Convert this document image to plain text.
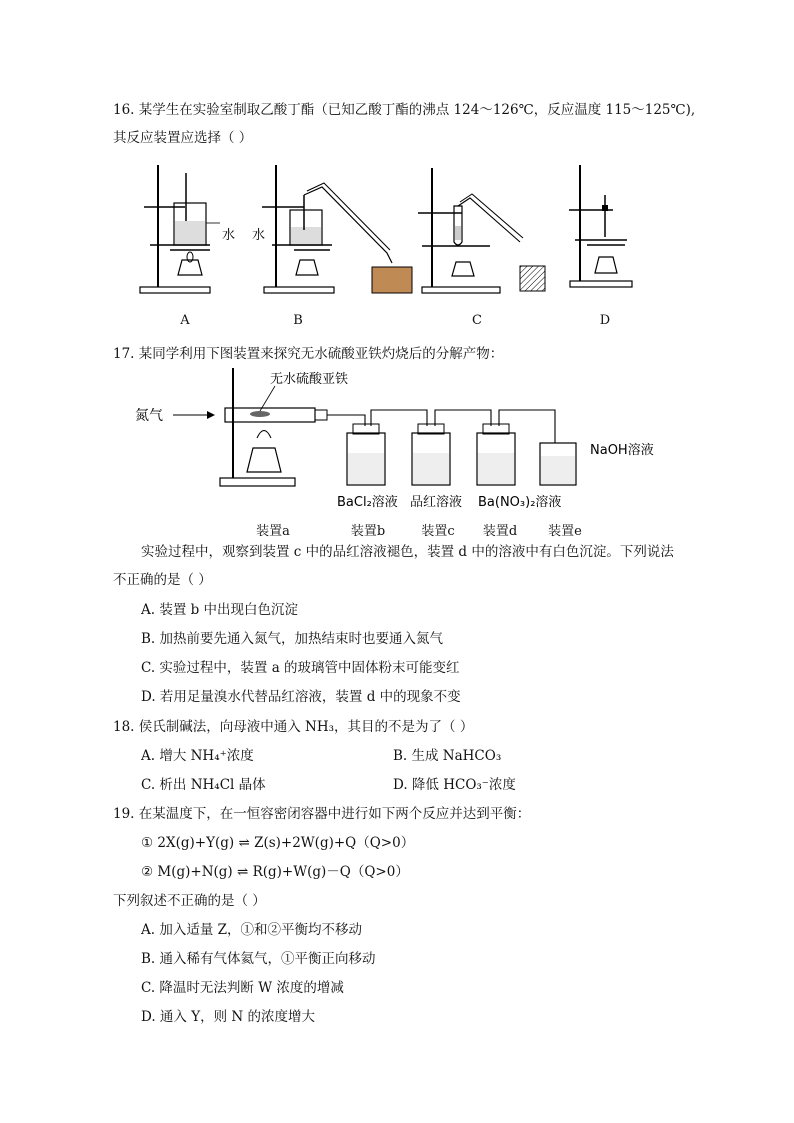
16. 某学生在实验室制取乙酸丁酯（已知乙酸丁酯的沸点 124～126℃，反应温度 115～125℃),
其反应装置应选择（ ）
水 水
A	B	C	D
17. 某同学利用下图装置来探究无水硫酸亚铁灼烧后的分解产物：
氮气
无水硫酸亚铁
NaOH溶液
BaCl₂溶液 品红溶液 Ba(NO₃)₂溶液
装置a	装置b	装置c	装置d	装置e
实验过程中，观察到装置 c 中的品红溶液褪色，装置 d 中的溶液中有白色沉淀。下列说法
不正确的是（ ）
A. 装置 b 中出现白色沉淀
B. 加热前要先通入氮气，加热结束时也要通入氮气
C. 实验过程中，装置 a 的玻璃管中固体粉末可能变红
D. 若用足量溴水代替品红溶液，装置 d 中的现象不变
18. 侯氏制碱法，向母液中通入 NH₃，其目的不是为了（ ）
A. 增大 NH₄⁺浓度	B. 生成 NaHCO₃
C. 析出 NH₄Cl 晶体	D. 降低 HCO₃⁻浓度
19. 在某温度下，在一恒容密闭容器中进行如下两个反应并达到平衡：
① 2X(g)+Y(g) ⇌ Z(s)+2W(g)+Q（Q>0）
② M(g)+N(g) ⇌ R(g)+W(g)－Q（Q>0）
下列叙述不正确的是（ ）
A. 加入适量 Z，①和②平衡均不移动
B. 通入稀有气体氦气，①平衡正向移动
C. 降温时无法判断 W 浓度的增减
D. 通入 Y，则 N 的浓度增大
